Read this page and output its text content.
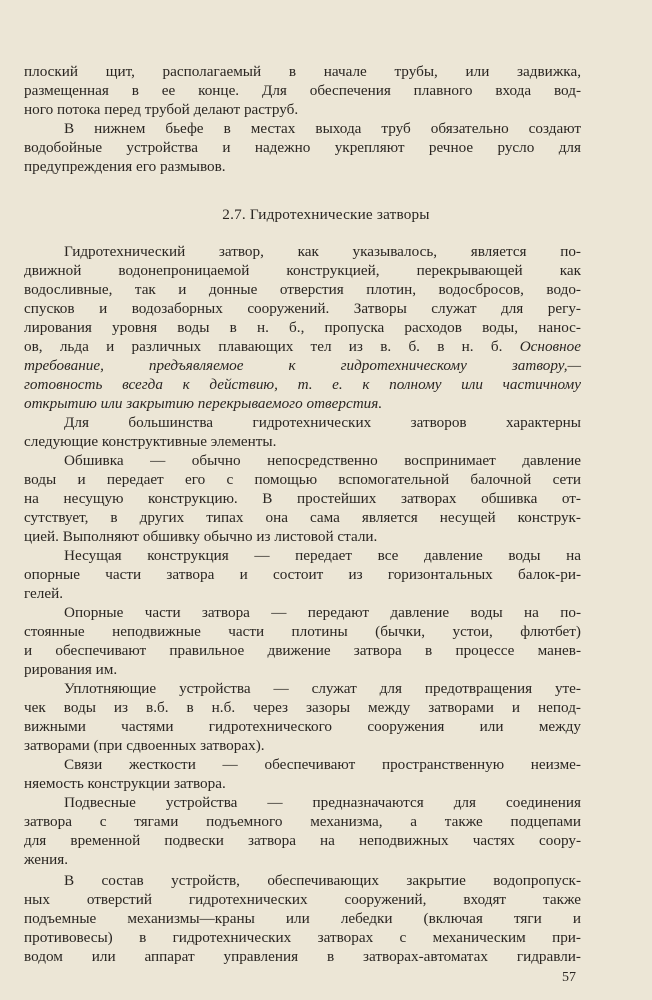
плоский щит, располагаемый в начале трубы, или задвижка,
размещенная в ее конце. Для обеспечения плавного входа вод-
ного потока перед трубой делают раструб.
В нижнем бьефе в местах выхода труб обязательно создают
водобойные устройства и надежно укрепляют речное русло для
предупреждения его размывов.
2.7. Гидротехнические затворы
Гидротехнический затвор, как указывалось, является по-
движной водонепроницаемой конструкцией, перекрывающей как
водосливные, так и донные отверстия плотин, водосбросов, водо-
спусков и водозаборных сооружений. Затворы служат для регу-
лирования уровня воды в н. б., пропуска расходов воды, нанос-
ов, льда и различных плавающих тел из в. б. в н. б. Основное
требование, предъявляемое к гидротехническому затвору,—
готовность всегда к действию, т. е. к полному или частичному
открытию или закрытию перекрываемого отверстия.
Для большинства гидротехнических затворов характерны
следующие конструктивные элементы.
Обшивка — обычно непосредственно воспринимает давление
воды и передает его с помощью вспомогательной балочной сети
на несущую конструкцию. В простейших затворах обшивка от-
сутствует, в других типах она сама является несущей конструк-
цией. Выполняют обшивку обычно из листовой стали.
Несущая конструкция — передает все давление воды на
опорные части затвора и состоит из горизонтальных балок-ри-
гелей.
Опорные части затвора — передают давление воды на по-
стоянные неподвижные части плотины (бычки, устои, флютбет)
и обеспечивают правильное движение затвора в процессе манев-
рирования им.
Уплотняющие устройства — служат для предотвращения уте-
чек воды из в.б. в н.б. через зазоры между затворами и непод-
вижными частями гидротехнического сооружения или между
затворами (при сдвоенных затворах).
Связи жесткости — обеспечивают пространственную неизме-
няемость конструкции затвора.
Подвесные устройства — предназначаются для соединения
затвора с тягами подъемного механизма, а также подцепами
для временной подвески затвора на неподвижных частях соору-
жения.
В состав устройств, обеспечивающих закрытие водопропуск-
ных отверстий гидротехнических сооружений, входят также
подъемные механизмы—краны или лебедки (включая тяги и
противовесы) в гидротехнических затворах с механическим при-
водом или аппарат управления в затворах-автоматах гидравли-
57
